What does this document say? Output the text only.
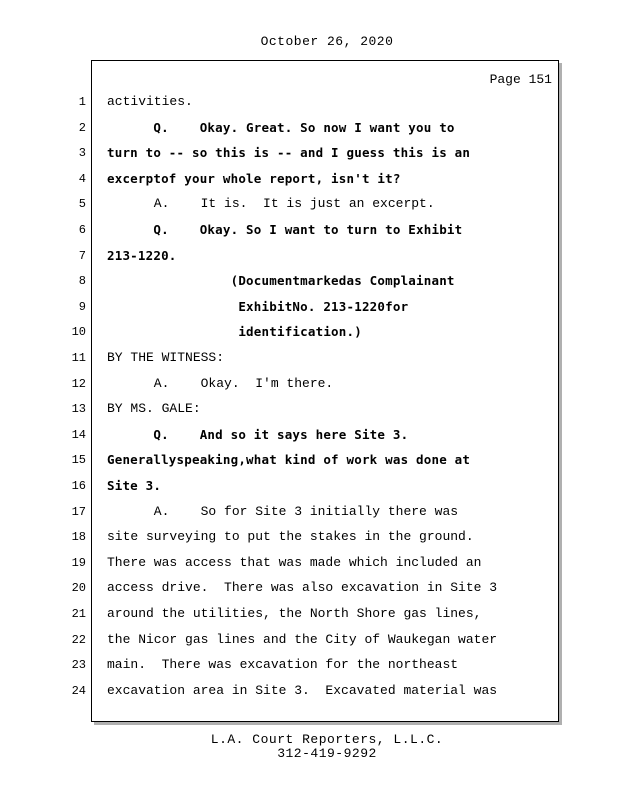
October 26, 2020
Page 151
1 activities.
2 Q.    Okay. Great. So now I want you to
3 turn to -- so this is -- and I guess this is an
4 excerptof your whole report, isn't it?
5 A.    It is.  It is just an excerpt.
6 Q.    Okay. So I want to turn to Exhibit
7 213-1220.
8 (Documentmarkedas Complainant
9 ExhibitNo. 213-1220for
10 identification.)
11 BY THE WITNESS:
12 A.    Okay.  I'm there.
13 BY MS. GALE:
14 Q.    And so it says here Site 3.
15 Generallyspeaking,what kind of work was done at
16 Site 3.
17 A.    So for Site 3 initially there was
18 site surveying to put the stakes in the ground.
19 There was access that was made which included an
20 access drive.  There was also excavation in Site 3
21 around the utilities, the North Shore gas lines,
22 the Nicor gas lines and the City of Waukegan water
23 main.  There was excavation for the northeast
24 excavation area in Site 3.  Excavated material was
L.A. Court Reporters, L.L.C.
312-419-9292
